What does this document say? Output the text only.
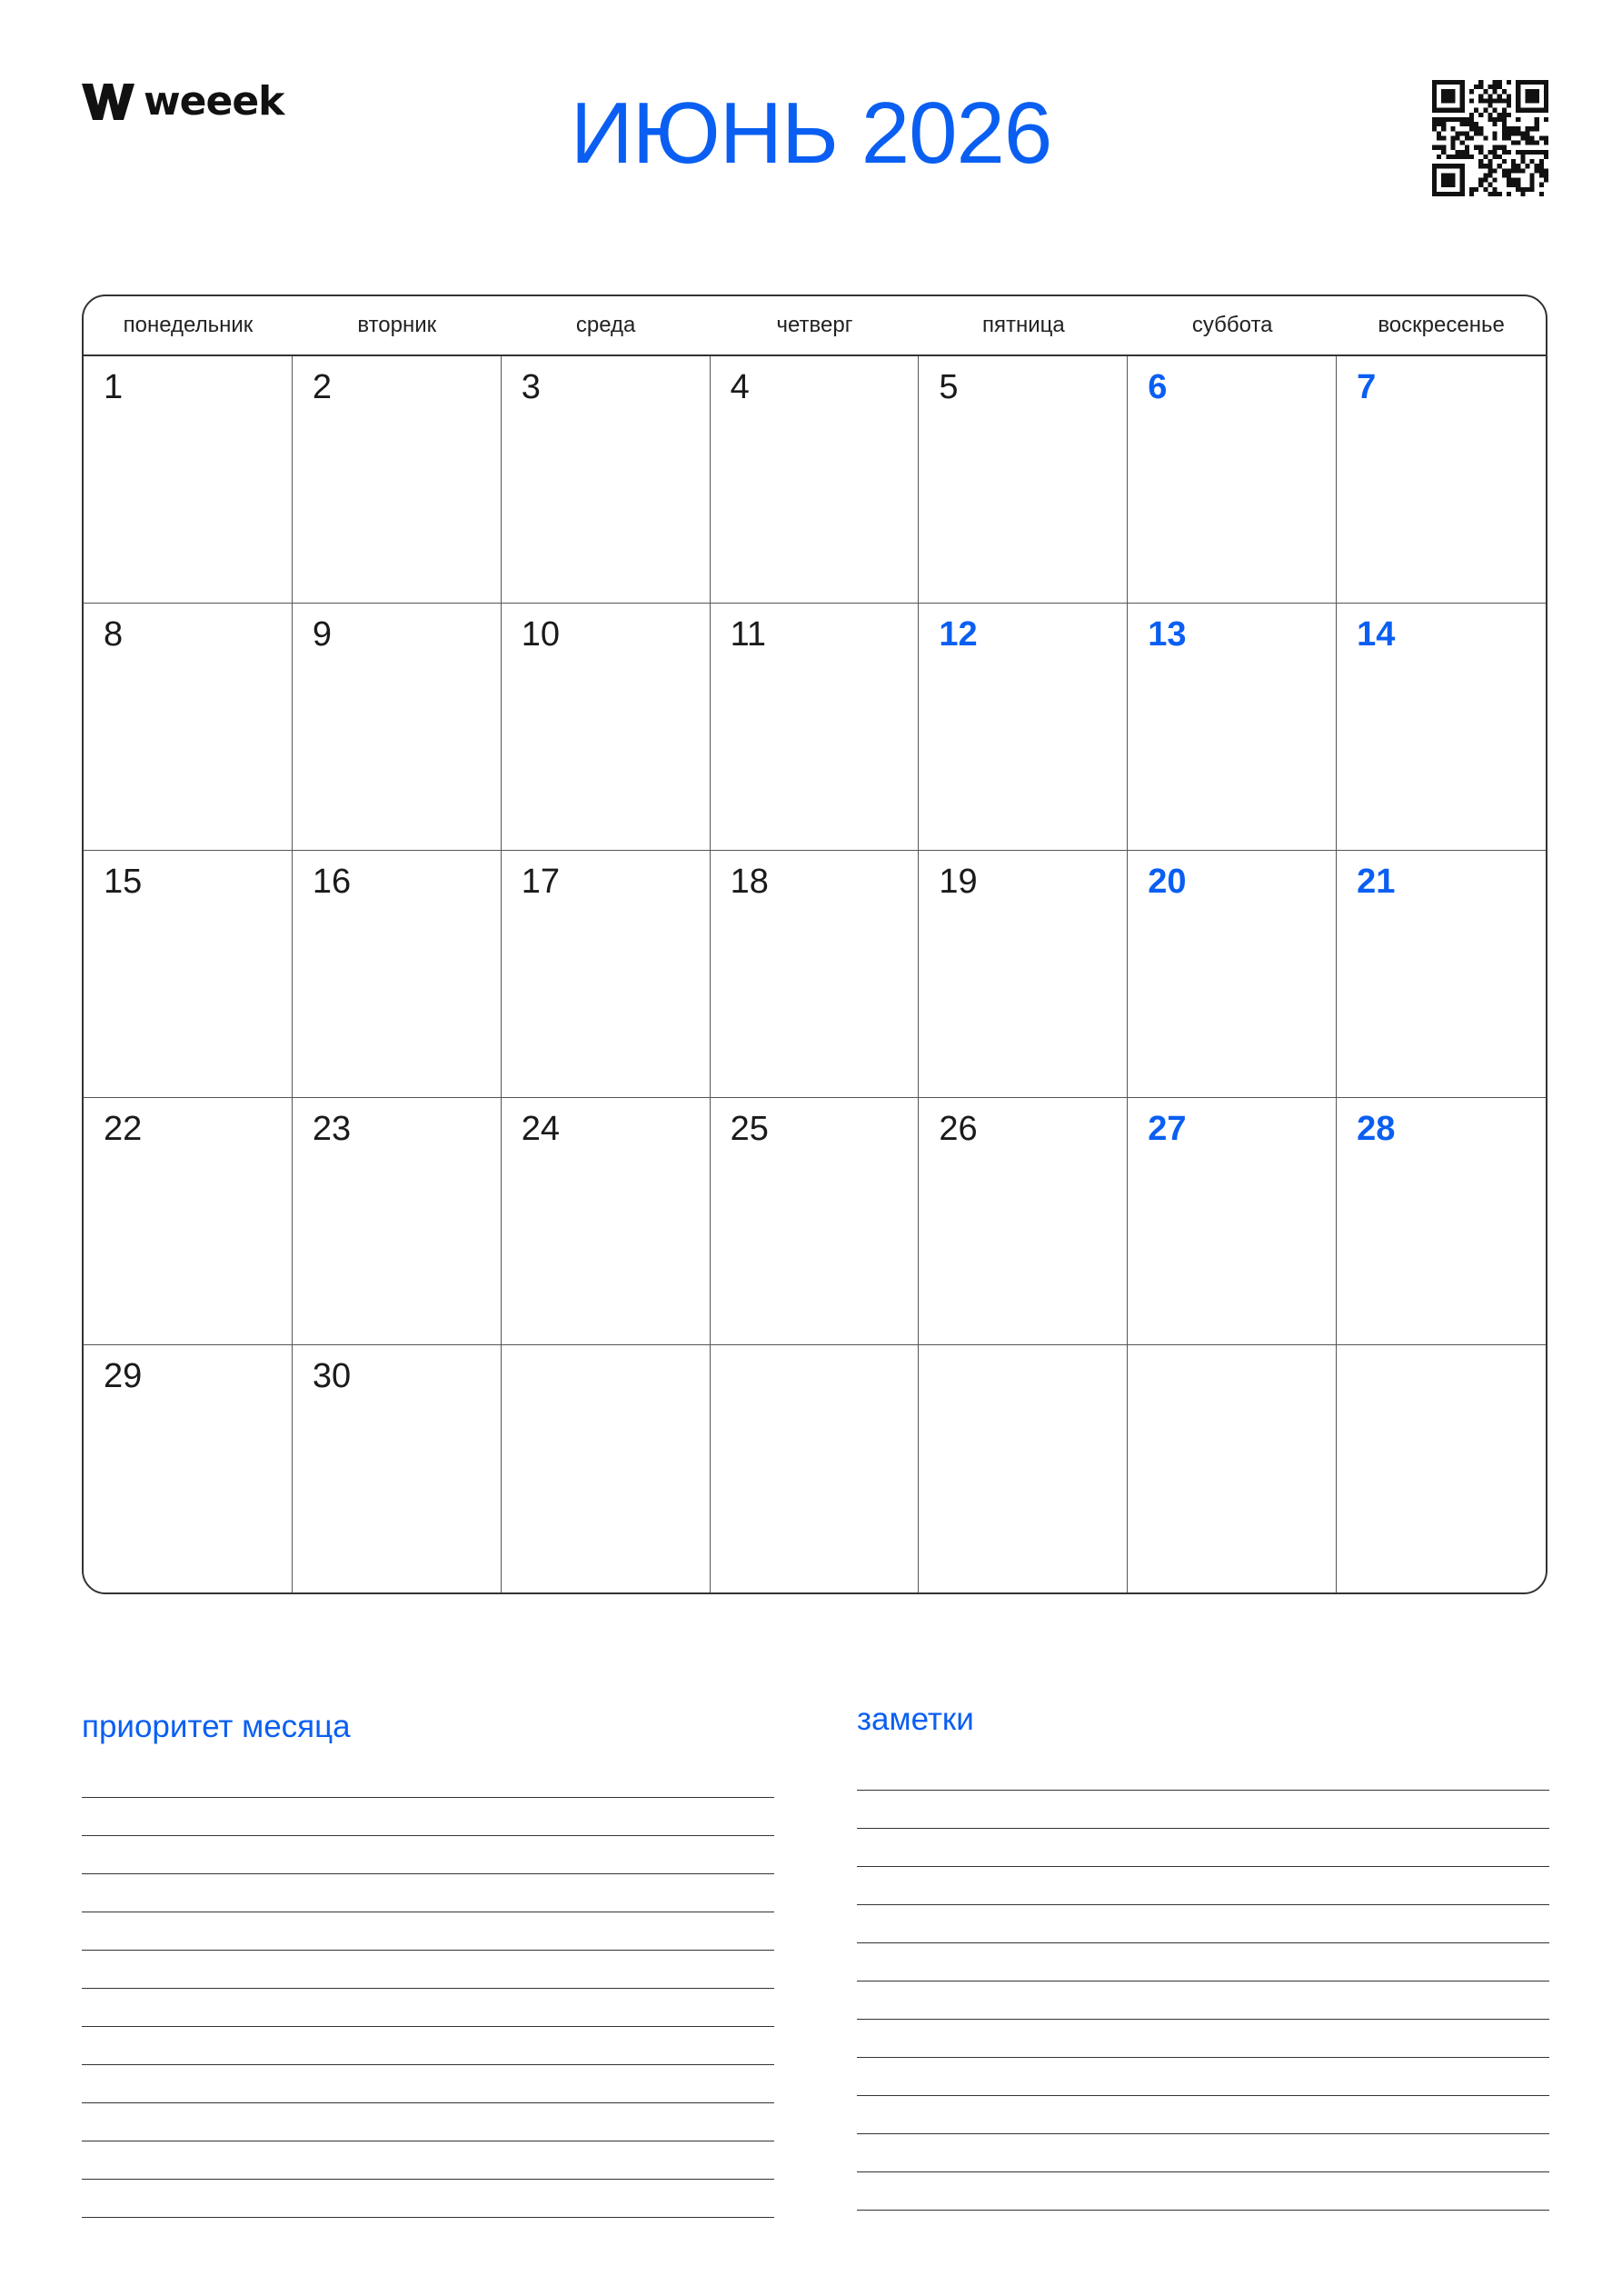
weeek	ИЮНЬ 2026
понедельник	вторник	среда	четверг	пятница	суббота	воскресенье
1	2	3	4	5	6	7
8	9	10	11	12	13	14
15	16	17	18	19	20	21
22	23	24	25	26	27	28
29	30
приоритет месяца	заметки
